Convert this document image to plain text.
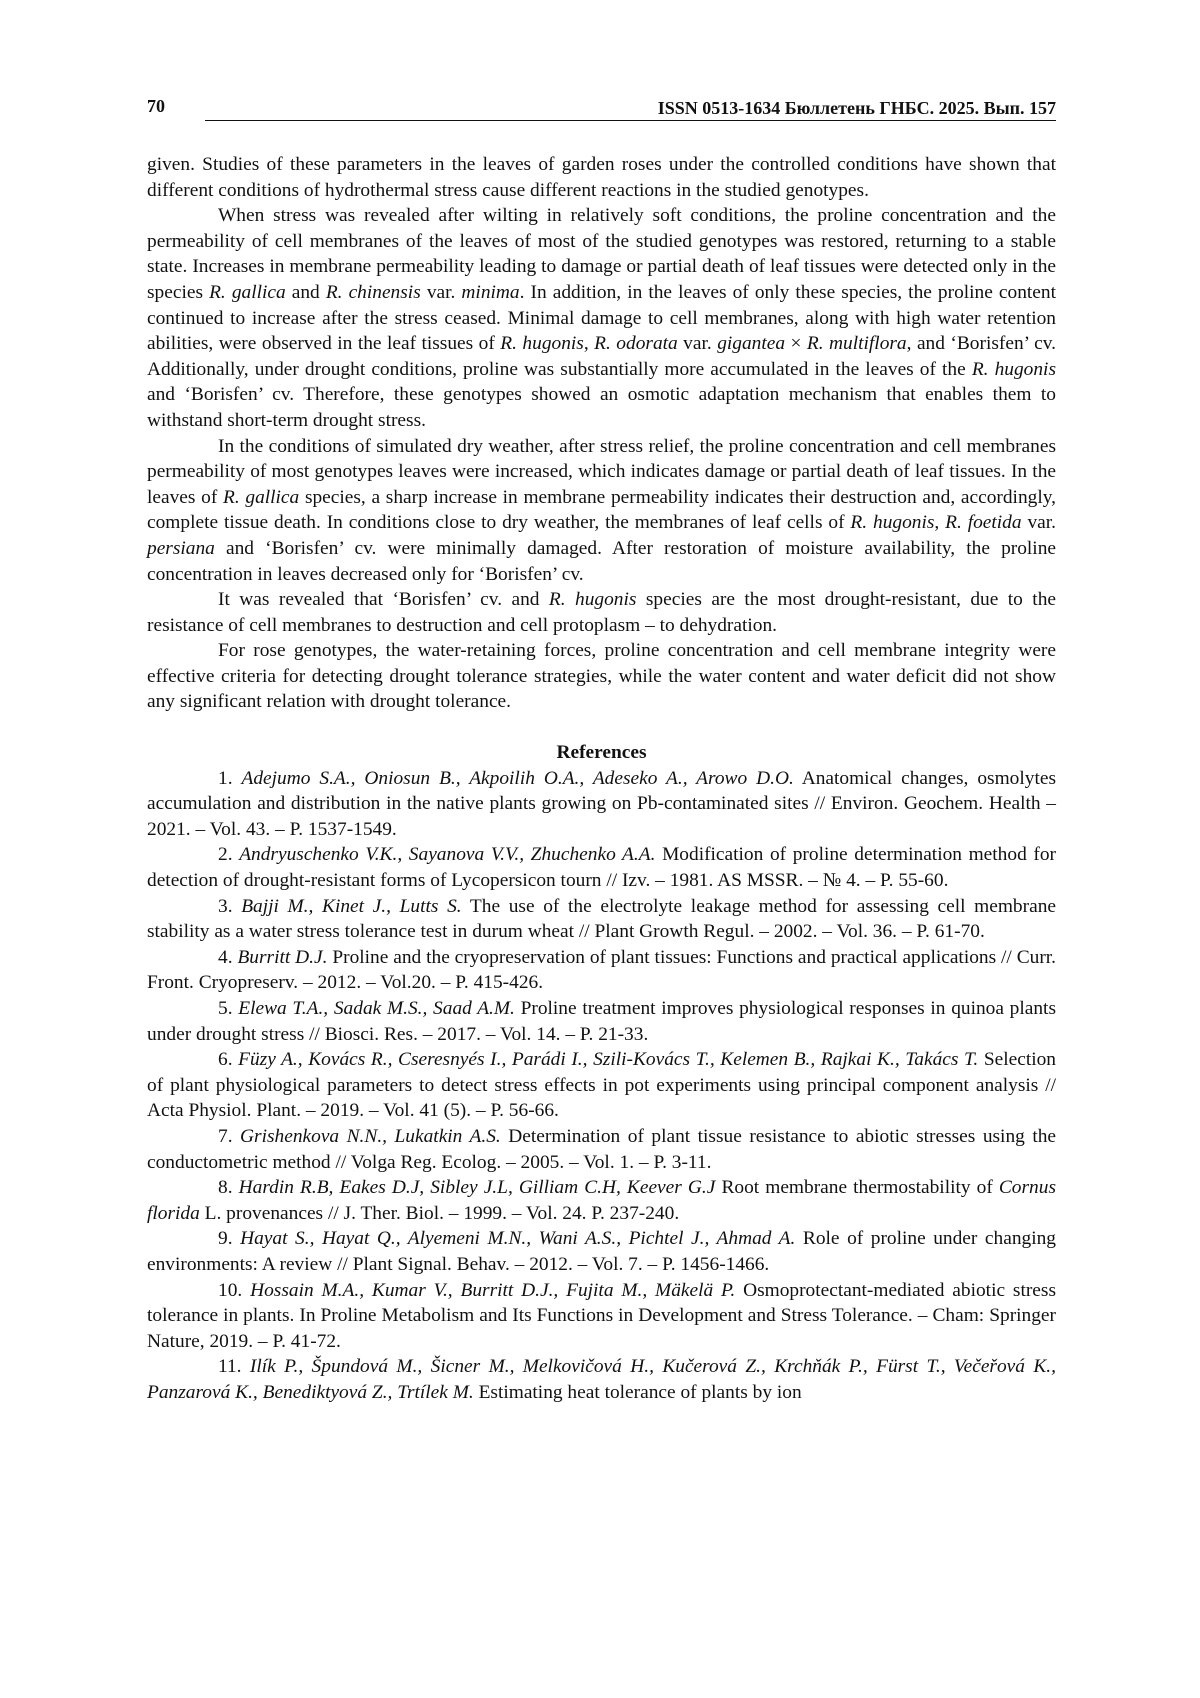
70	ISSN 0513-1634 Бюллетень ГНБС. 2025. Вып. 157

given. Studies of these parameters in the leaves of garden roses under the controlled conditions have shown that different conditions of hydrothermal stress cause different reactions in the studied genotypes.

When stress was revealed after wilting in relatively soft conditions, the proline concentration and the permeability of cell membranes of the leaves of most of the studied genotypes was restored, returning to a stable state. Increases in membrane permeability leading to damage or partial death of leaf tissues were detected only in the species R. gallica and R. chinensis var. minima. In addition, in the leaves of only these species, the proline content continued to increase after the stress ceased. Minimal damage to cell membranes, along with high water retention abilities, were observed in the leaf tissues of R. hugonis, R. odorata var. gigantea × R. multiflora, and ‘Borisfen’ cv. Additionally, under drought conditions, proline was substantially more accumulated in the leaves of the R. hugonis and ‘Borisfen’ cv. Therefore, these genotypes showed an osmotic adaptation mechanism that enables them to withstand short-term drought stress.

In the conditions of simulated dry weather, after stress relief, the proline concentration and cell membranes permeability of most genotypes leaves were increased, which indicates damage or partial death of leaf tissues. In the leaves of R. gallica species, a sharp increase in membrane permeability indicates their destruction and, accordingly, complete tissue death. In conditions close to dry weather, the membranes of leaf cells of R. hugonis, R. foetida var. persiana and ‘Borisfen’ cv. were minimally damaged. After restoration of moisture availability, the proline concentration in leaves decreased only for ‘Borisfen’ cv.

It was revealed that ‘Borisfen’ cv. and R. hugonis species are the most drought-resistant, due to the resistance of cell membranes to destruction and cell protoplasm – to dehydration.

For rose genotypes, the water-retaining forces, proline concentration and cell membrane integrity were effective criteria for detecting drought tolerance strategies, while the water content and water deficit did not show any significant relation with drought tolerance.

References

1. Adejumo S.A., Oniosun B., Akpoilih O.A., Adeseko A., Arowo D.O. Anatomical changes, osmolytes accumulation and distribution in the native plants growing on Pb-contaminated sites // Environ. Geochem. Health – 2021. – Vol. 43. – P. 1537-1549.

2. Andryuschenko V.K., Sayanova V.V., Zhuchenko A.A. Modification of proline determination method for detection of drought-resistant forms of Lycopersicon tourn // Izv. – 1981. AS MSSR. – № 4. – P. 55-60.

3. Bajji M., Kinet J., Lutts S. The use of the electrolyte leakage method for assessing cell membrane stability as a water stress tolerance test in durum wheat // Plant Growth Regul. – 2002. – Vol. 36. – P. 61-70.

4. Burritt D.J. Proline and the cryopreservation of plant tissues: Functions and practical applications // Curr. Front. Cryopreserv. – 2012. – Vol.20. – P. 415-426.

5. Elewa T.A., Sadak M.S., Saad A.M. Proline treatment improves physiological responses in quinoa plants under drought stress // Biosci. Res. – 2017. – Vol. 14. – P. 21-33.

6. Füzy A., Kovács R., Cseresnyés I., Parádi I., Szili-Kovács T., Kelemen B., Rajkai K., Takács T. Selection of plant physiological parameters to detect stress effects in pot experiments using principal component analysis // Acta Physiol. Plant. – 2019. – Vol. 41 (5). – P. 56-66.

7. Grishenkova N.N., Lukatkin A.S. Determination of plant tissue resistance to abiotic stresses using the conductometric method // Volga Reg. Ecolog. – 2005. – Vol. 1. – P. 3-11.

8. Hardin R.B, Eakes D.J, Sibley J.L, Gilliam C.H, Keever G.J Root membrane thermostability of Cornus florida L. provenances // J. Ther. Biol. – 1999. – Vol. 24. P. 237-240.

9. Hayat S., Hayat Q., Alyemeni M.N., Wani A.S., Pichtel J., Ahmad A. Role of proline under changing environments: A review // Plant Signal. Behav. – 2012. – Vol. 7. – P. 1456-1466.

10. Hossain M.A., Kumar V., Burritt D.J., Fujita M., Mäkelä P. Osmoprotectant-mediated abiotic stress tolerance in plants. In Proline Metabolism and Its Functions in Development and Stress Tolerance. – Cham: Springer Nature, 2019. – P. 41-72.

11. Ilík P., Špundová M., Šicner M., Melkovičová H., Kučerová Z., Krchňák P., Fürst T., Večeřová K., Panzarová K., Benediktyová Z., Trtílek M. Estimating heat tolerance of plants by ion
